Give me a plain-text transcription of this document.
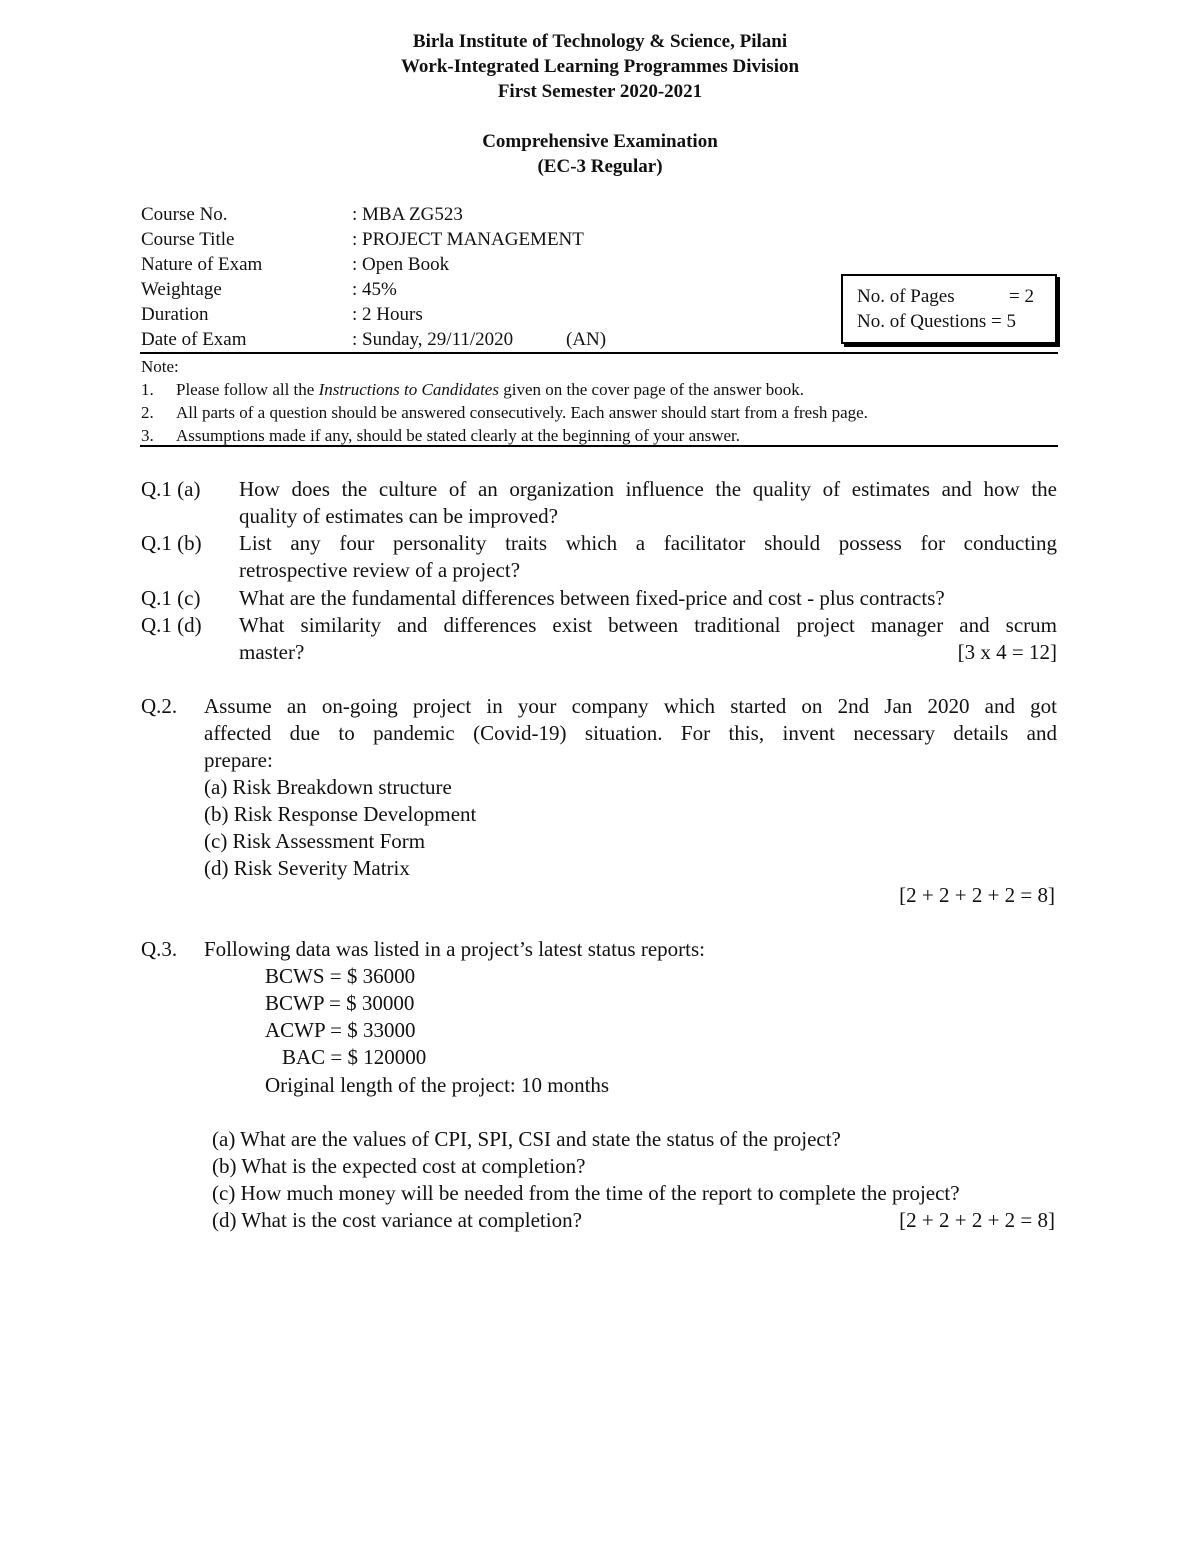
Birla Institute of Technology & Science, Pilani
Work-Integrated Learning Programmes Division
First Semester 2020-2021
Comprehensive Examination
(EC-3 Regular)
Course No.	: MBA ZG523
Course Title	: PROJECT MANAGEMENT
Nature of Exam	: Open Book
Weightage	: 45%
Duration	: 2 Hours
Date of Exam	: Sunday, 29/11/2020	(AN)
No. of Pages	= 2
No. of Questions = 5
Note:
1. Please follow all the Instructions to Candidates given on the cover page of the answer book.
2. All parts of a question should be answered consecutively. Each answer should start from a fresh page.
3. Assumptions made if any, should be stated clearly at the beginning of your answer.
Q.1 (a) How does the culture of an organization influence the quality of estimates and how the
quality of estimates can be improved?
Q.1 (b) List any four personality traits which a facilitator should possess for conducting
retrospective review of a project?
Q.1 (c) What are the fundamental differences between fixed-price and cost - plus contracts?
Q.1 (d) What similarity and differences exist between traditional project manager and scrum
master?	[3 x 4 = 12]
Q.2. Assume an on-going project in your company which started on 2nd Jan 2020 and got
affected due to pandemic (Covid-19) situation. For this, invent necessary details and
prepare:
(a) Risk Breakdown structure
(b) Risk Response Development
(c) Risk Assessment Form
(d) Risk Severity Matrix
[2 + 2 + 2 + 2 = 8]
Q.3. Following data was listed in a project’s latest status reports:
BCWS = $ 36000
BCWP = $ 30000
ACWP = $ 33000
BAC = $ 120000
Original length of the project: 10 months
(a) What are the values of CPI, SPI, CSI and state the status of the project?
(b) What is the expected cost at completion?
(c) How much money will be needed from the time of the report to complete the project?
(d) What is the cost variance at completion?	[2 + 2 + 2 + 2 = 8]
